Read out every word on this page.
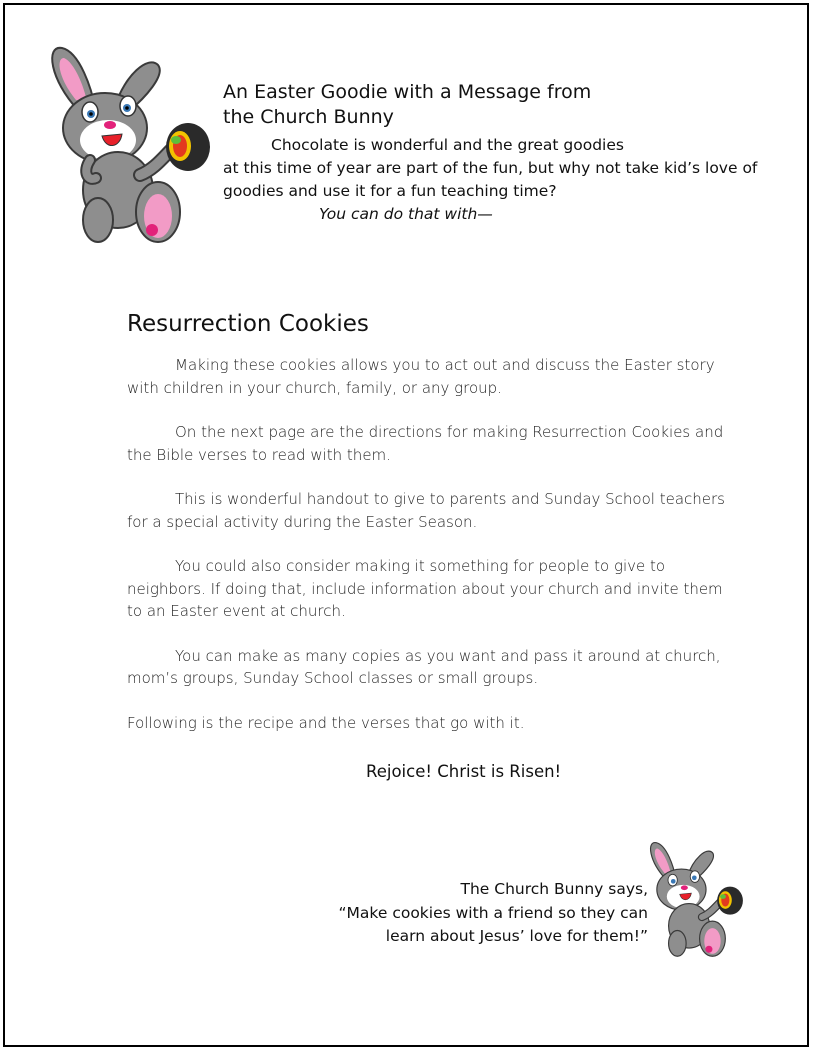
An Easter Goodie with a Message from
the Church Bunny

Chocolate is wonderful and the great goodies
at this time of year are part of the fun, but why not take kid’s love of
goodies and use it for a fun teaching time?

You can do that with—

Resurrection Cookies

Making these cookies allows you to act out and discuss the Easter story with children in your church, family, or any group.

On the next page are the directions for making Resurrection Cookies and the Bible verses to read with them.

This is wonderful handout to give to parents and Sunday School teachers for a special activity during the Easter Season.

You could also consider making it something for people to give to neighbors. If doing that, include information about your church and invite them to an Easter event at church.

You can make as many copies as you want and pass it around at church, mom’s groups, Sunday School classes or small groups.

Following is the recipe and the verses that go with it.

Rejoice! Christ is Risen!

The Church Bunny says,

“Make cookies with a friend so they can

learn about Jesus’ love for them!”
